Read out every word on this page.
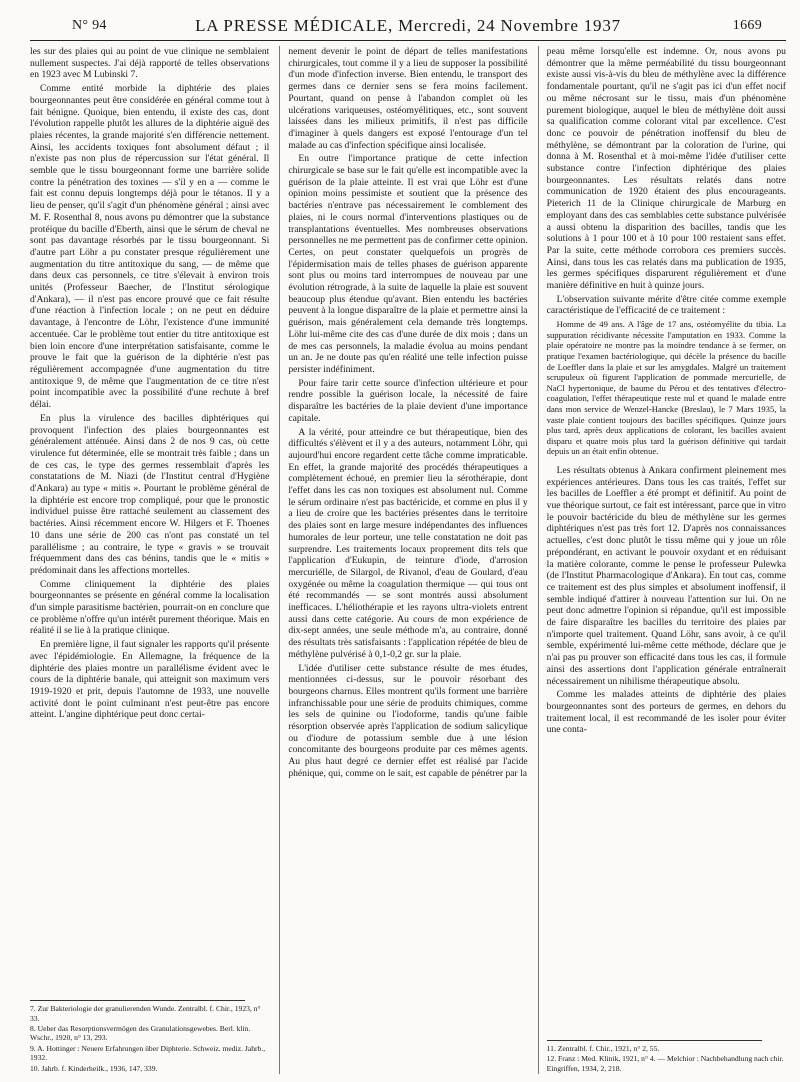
N° 94	LA PRESSE MÉDICALE, Mercredi, 24 Novembre 1937	1669

les sur des plaies qui au point de vue clinique ne semblaient nullement suspectes. J'ai déjà rapporté de telles observations en 1923 avec M Lubinski 7.

Comme entité morbide la diphtérie des plaies bourgeonnantes peut être considérée en général comme tout à fait bénigne. Quoique, bien entendu, il existe des cas, dont l'évolution rappelle plutôt les allures de la diphtérie aiguë des plaies récentes, la grande majorité s'en différencie nettement. Ainsi, les accidents toxiques font absolument défaut ; il n'existe pas non plus de répercussion sur l'état général. Il semble que le tissu bourgeonnant forme une barrière solide contre la pénétration des toxines — s'il y en a — comme le fait est connu depuis longtemps déjà pour le tétanos. Il y a lieu de penser, qu'il s'agit d'un phénomène général ; ainsi avec M. F. Rosenthal 8, nous avons pu démontrer que la substance protéique du bacille d'Eberth, ainsi que le sérum de cheval ne sont pas davantage résorbés par le tissu bourgeonnant. Si d'autre part Löhr a pu constater presque régulièrement une augmentation du titre antitoxique du sang, — de même que dans deux cas personnels, ce titre s'élevait à environ trois unités (Professeur Baecher, de l'Institut sérologique d'Ankara), — il n'est pas encore prouvé que ce fait résulte d'une réaction à l'infection locale ; on ne peut en déduire davantage, à l'encontre de Löhr, l'existence d'une immunité accentuée. Car le problème tout entier du titre antitoxique est bien loin encore d'une interprétation satisfaisante, comme le prouve le fait que la guérison de la diphtérie n'est pas régulièrement accompagnée d'une augmentation du titre antitoxique 9, de même que l'augmentation de ce titre n'est point incompatible avec la possibilité d'une rechute à bref délai.

En plus la virulence des bacilles diphtériques qui provoquent l'infection des plaies bourgeonnantes est généralement atténuée. Ainsi dans 2 de nos 9 cas, où cette virulence fut déterminée, elle se montrait très faible ; dans un de ces cas, le type des germes ressemblait d'après les constatations de M. Niazi (de l'Institut central d'Hygiène d'Ankara) au type « mitis ». Pourtant le problème général de la diphtérie est encore trop compliqué, pour que le pronostic individuel puisse être rattaché seulement au classement des bactéries. Ainsi récemment encore W. Hilgers et F. Thoenes 10 dans une série de 200 cas n'ont pas constaté un tel parallélisme ; au contraire, le type « gravis » se trouvait fréquemment dans des cas bénins, tandis que le « mitis » prédominait dans les affections mortelles.

Comme cliniquement la diphtérie des plaies bourgeonnantes se présente en général comme la localisation d'un simple parasitisme bactérien, pourrait-on en conclure que ce problème n'offre qu'un intérêt purement théorique. Mais en réalité il se lie à la pratique clinique.

En première ligne, il faut signaler les rapports qu'il présente avec l'épidémiologie. En Allemagne, la fréquence de la diphtérie des plaies montre un parallélisme évident avec le cours de la diphtérie banale, qui atteignit son maximum vers 1919-1920 et prit, depuis l'automne de 1933, une nouvelle activité dont le point culminant n'est peut-être pas encore atteint. L'angine diphtérique peut donc certai-

7. Zur Bakteriologie der granulierenden Wunde. Zentralbl. f. Chir., 1923, n° 33.

8. Ueber das Resorptionsvermögen des Granulationsgewebes. Berl. klin. Wschr., 1920, n° 13, 293.

9. A. Hottinger : Neuere Erfahrungen über Diphterie. Schweiz. mediz. Jahrb., 1932.

10. Jahrb. f. Kinderheilk., 1936, 147, 339.

nement devenir le point de départ de telles manifestations chirurgicales, tout comme il y a lieu de supposer la possibilité d'un mode d'infection inverse. Bien entendu, le transport des germes dans ce dernier sens se fera moins facilement. Pourtant, quand on pense à l'abandon complet où les ulcérations variqueuses, ostéomyélitiques, etc., sont souvent laissées dans les milieux primitifs, il n'est pas difficile d'imaginer à quels dangers est exposé l'entourage d'un tel malade au cas d'infection spécifique ainsi localisée.

En outre l'importance pratique de cette infection chirurgicale se base sur le fait qu'elle est incompatible avec la guérison de la plaie atteinte. Il est vrai que Löhr est d'une opinion moins pessimiste et soutient que la présence des bactéries n'entrave pas nécessairement le comblement des plaies, ni le cours normal d'interventions plastiques ou de transplantations éventuelles. Mes nombreuses observations personnelles ne me permettent pas de confirmer cette opinion. Certes, on peut constater quelquefois un progrès de l'épidermisation mais de telles phases de guérison apparente sont plus ou moins tard interrompues de nouveau par une évolution rétrograde, à la suite de laquelle la plaie est souvent beaucoup plus étendue qu'avant. Bien entendu les bactéries peuvent à la longue disparaître de la plaie et permettre ainsi la guérison, mais généralement cela demande très longtemps. Löhr lui-même cite des cas d'une durée de dix mois ; dans un de mes cas personnels, la maladie évolua au moins pendant un an. Je ne doute pas qu'en réalité une telle infection puisse persister indéfiniment.

Pour faire tarir cette source d'infection ultérieure et pour rendre possible la guérison locale, la nécessité de faire disparaître les bactéries de la plaie devient d'une importance capitale.

A la vérité, pour atteindre ce but thérapeutique, bien des difficultés s'élèvent et il y a des auteurs, notamment Löhr, qui aujourd'hui encore regardent cette tâche comme impraticable. En effet, la grande majorité des procédés thérapeutiques a complètement échoué, en premier lieu la sérothérapie, dont l'effet dans les cas non toxiques est absolument nul. Comme le sérum ordinaire n'est pas bactéricide, et comme en plus il y a lieu de croire que les bactéries présentes dans le territoire des plaies sont en large mesure indépendantes des influences humorales de leur porteur, une telle constatation ne doit pas surprendre. Les traitements locaux proprement dits tels que l'application d'Eukupin, de teinture d'iode, d'arrosion mercuriélle, de Silargol, de Rivanol, d'eau de Goulard, d'eau oxygénée ou même la coagulation thermique — qui tous ont été recommandés — se sont montrés aussi absolument inefficaces. L'héliothérapie et les rayons ultra-violets entrent aussi dans cette catégorie. Au cours de mon expérience de dix-sept années, une seule méthode m'a, au contraire, donné des résultats très satisfaisants : l'application répétée de bleu de méthylène pulvérisé à 0,1-0,2 gr. sur la plaie.

L'idée d'utiliser cette substance résulte de mes études, mentionnées ci-dessus, sur le pouvoir résorbant des bourgeons charnus. Elles montrent qu'ils forment une barrière infranchissable pour une série de produits chimiques, comme les sels de quinine ou l'iodoforme, tandis qu'une faible résorption observée après l'application de sodium salicylique ou d'iodure de potassium semble due à une lésion concomitante des bourgeons produite par ces mêmes agents. Au plus haut degré ce dernier effet est réalisé par l'acide phénique, qui, comme on le sait, est capable de pénétrer par la

peau même lorsqu'elle est indemne. Or, nous avons pu démontrer que la même perméabilité du tissu bourgeonnant existe aussi vis-à-vis du bleu de méthylène avec la différence fondamentale pourtant, qu'il ne s'agit pas ici d'un effet nocif ou même nécrosant sur le tissu, mais d'un phénomène purement biologique, auquel le bleu de méthylène doit aussi sa qualification comme colorant vital par excellence. C'est donc ce pouvoir de pénétration inoffensif du bleu de méthylène, se démontrant par la coloration de l'urine, qui donna à M. Rosenthal et à moi-même l'idée d'utiliser cette substance contre l'infection diphtérique des plaies bourgeonnantes. Les résultats relatés dans notre communication de 1920 étaient des plus encourageants. Pieterich 11 de la Clinique chirurgicale de Marburg en employant dans des cas semblables cette substance pulvérisée a aussi obtenu la disparition des bacilles, tandis que les solutions à 1 pour 100 et à 10 pour 100 restaient sans effet. Par la suite, cette méthode corrobora ces premiers succès. Ainsi, dans tous les cas relatés dans ma publication de 1935, les germes spécifiques disparurent régulièrement et d'une manière définitive en huit à quinze jours.

L'observation suivante mérite d'être citée comme exemple caractéristique de l'efficacité de ce traitement :

Homme de 49 ans. A l'âge de 17 ans, ostéomyélite du tibia. La suppuration récidivante nécessite l'amputation en 1933. Comme la plaie opératoire ne montre pas la moindre tendance à se fermer, on pratique l'examen bactériologique, qui décèle la présence du bacille de Loeffler dans la plaie et sur les amygdales. Malgré un traitement scrupuleux où figurent l'application de pommade mercurielle, de NaCl hypertonique, de baume du Pérou et des tentatives d'électro-coagulation, l'effet thérapeutique reste nul et quand le malade entre dans mon service de Wenzel-Hancke (Breslau), le 7 Mars 1935, la vaste plaie contient toujours des bacilles spécifiques. Quinze jours plus tard, après deux applications de colorant, les bacilles avaient disparu et quatre mois plus tard la guérison définitive qui tardait depuis un an était enfin obtenue.

Les résultats obtenus à Ankara confirment pleinement mes expériences antérieures. Dans tous les cas traités, l'effet sur les bacilles de Loeffler a été prompt et définitif. Au point de vue théorique surtout, ce fait est intéressant, parce que in vitro le pouvoir bactéricide du bleu de méthylène sur les germes diphtériques n'est pas très fort 12. D'après nos connaissances actuelles, c'est donc plutôt le tissu même qui y joue un rôle prépondérant, en activant le pouvoir oxydant et en réduisant la matière colorante, comme le pense le professeur Pulewka (de l'Institut Pharmacologique d'Ankara). En tout cas, comme ce traitement est des plus simples et absolument inoffensif, il semble indiqué d'attirer à nouveau l'attention sur lui. On ne peut donc admettre l'opinion si répandue, qu'il est impossible de faire disparaître les bacilles du territoire des plaies par n'importe quel traitement. Quand Löhr, sans avoir, à ce qu'il semble, expérimenté lui-même cette méthode, déclare que je n'ai pas pu prouver son efficacité dans tous les cas, il formule ainsi des assertions dont l'application générale entraînerait nécessairement un nihilisme thérapeutique absolu.

Comme les malades atteints de diphtérie des plaies bourgeonnantes sont des porteurs de germes, en dehors du traitement local, il est recommandé de les isoler pour éviter une conta-

11. Zentralbl. f. Chir., 1921, n° 2, 55.

12. Franz : Med. Klinik, 1921, n° 4. — Melchior : Nachbehandlung nach chir. Eingriffen, 1934, 2, 218.
